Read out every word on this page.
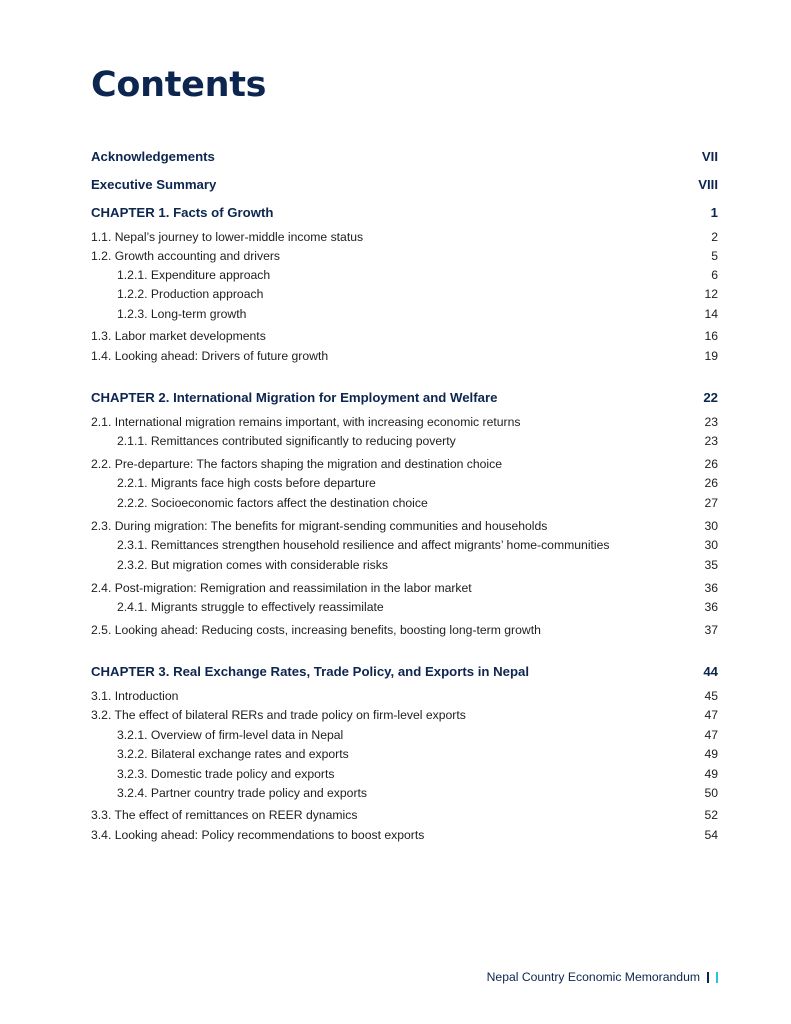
Contents
Acknowledgements	VII
Executive Summary	VIII
CHAPTER 1. Facts of Growth	1
1.1. Nepal’s journey to lower-middle income status	2
1.2. Growth accounting and drivers	5
1.2.1. Expenditure approach	6
1.2.2. Production approach	12
1.2.3. Long-term growth	14
1.3. Labor market developments	16
1.4. Looking ahead: Drivers of future growth	19
CHAPTER 2. International Migration for Employment and Welfare	22
2.1. International migration remains important, with increasing economic returns	23
2.1.1. Remittances contributed significantly to reducing poverty	23
2.2. Pre-departure: The factors shaping the migration and destination choice	26
2.2.1. Migrants face high costs before departure	26
2.2.2. Socioeconomic factors affect the destination choice	27
2.3. During migration: The benefits for migrant-sending communities and households	30
2.3.1. Remittances strengthen household resilience and affect migrants’ home-communities	30
2.3.2. But migration comes with considerable risks	35
2.4. Post-migration: Remigration and reassimilation in the labor market	36
2.4.1. Migrants struggle to effectively reassimilate	36
2.5. Looking ahead: Reducing costs, increasing benefits, boosting long-term growth	37
CHAPTER 3. Real Exchange Rates, Trade Policy, and Exports in Nepal	44
3.1. Introduction	45
3.2. The effect of bilateral RERs and trade policy on firm-level exports	47
3.2.1. Overview of firm-level data in Nepal	47
3.2.2. Bilateral exchange rates and exports	49
3.2.3. Domestic trade policy and exports	49
3.2.4. Partner country trade policy and exports	50
3.3. The effect of remittances on REER dynamics	52
3.4. Looking ahead: Policy recommendations to boost exports	54
Nepal Country Economic Memorandum
